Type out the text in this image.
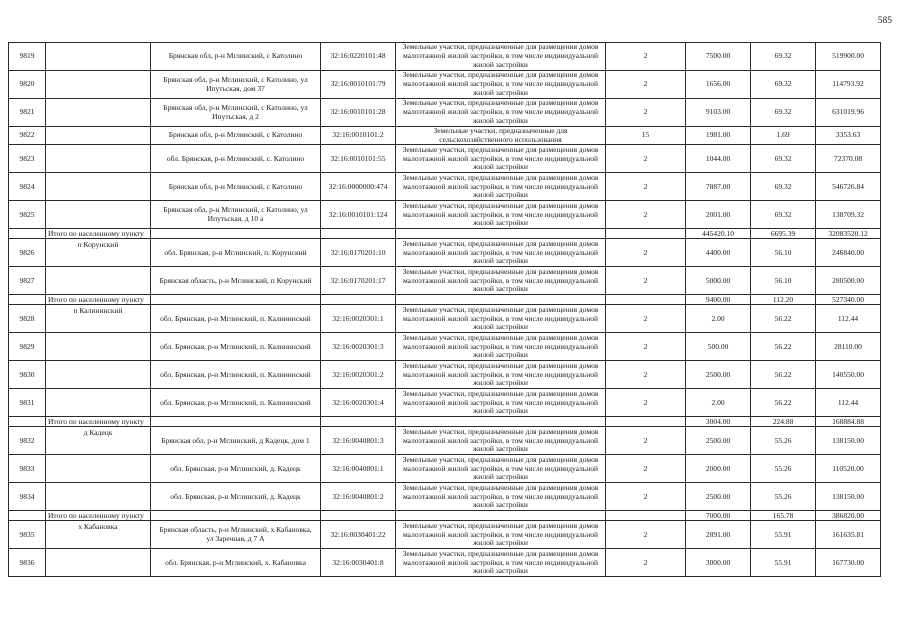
585
9819		Брянская обл, р-н Мглинский, с Католино	32:16:0220101:48	Земельные участки, предназначенные для размещения домов
малоэтажной жилой застройки, в том числе индивидуальной
жилой застройки	2	7500.00	69.32	519900.00
9820		Брянская обл, р-н Мглинский, с Католино, ул
Ипутьская, дом 37	32:16:0010101:79	Земельные участки, предназначенные для размещения домов
малоэтажной жилой застройки, в том числе индивидуальной
жилой застройки	2	1656.00	69.32	114793.92
9821		Брянская обл, р-н Мглинский, с Католино, ул
Ипутьская, д 2	32:16:0010101:28	Земельные участки, предназначенные для размещения домов
малоэтажной жилой застройки, в том числе индивидуальной
жилой застройки	2	9103.00	69.32	631019.96
9822		Брянская обл, р-н Мглинский, с Католино	32:16:0010101:2	Земельные участки, предназначенные для
сельскохозяйственного использования	15	1981.00	1.69	3353.63
9823		обл. Брянская, р-н Мглинский, с. Католино	32:16:0010101:55	Земельные участки, предназначенные для размещения домов
малоэтажной жилой застройки, в том числе индивидуальной
жилой застройки	2	1044.00	69.32	72370.08
9824		Брянская обл, р-н Мглинский, с Католино	32:16:0000000:474	Земельные участки, предназначенные для размещения домов
малоэтажной жилой застройки, в том числе индивидуальной
жилой застройки	2	7887.00	69.32	546726.84
9825		Брянская обл, р-н Мглинский, с Католино, ул
Ипутьская, д 10 а	32:16:0010101:124	Земельные участки, предназначенные для размещения домов
малоэтажной жилой застройки, в том числе индивидуальной
жилой застройки	2	2001.00	69.32	138709.32
	Итого по населенному пункту					445420.10	6695.39	32083520.12
9826	п Корунский	обл. Брянская, р-н Мглинский, п. Корунский	32:16:0170201:10	Земельные участки, предназначенные для размещения домов
малоэтажной жилой застройки, в том числе индивидуальной
жилой застройки	2	4400.00	56.10	246840.00
9827		Брянская область, р-н Мглинский, п Корунский	32:16:0170201:17	Земельные участки, предназначенные для размещения домов
малоэтажной жилой застройки, в том числе индивидуальной
жилой застройки	2	5000.00	56.10	280500.00
	Итого по населенному пункту					9400.00	112.20	527340.00
9828	п Калининский	обл. Брянская, р-н Мглинский, п. Калининский	32:16:0020301:1	Земельные участки, предназначенные для размещения домов
малоэтажной жилой застройки, в том числе индивидуальной
жилой застройки	2	2.00	56.22	112.44
9829		обл. Брянская, р-н Мглинский, п. Калининский	32:16:0020301:3	Земельные участки, предназначенные для размещения домов
малоэтажной жилой застройки, в том числе индивидуальной
жилой застройки	2	500.00	56.22	28110.00
9830		обл. Брянская, р-н Мглинский, п. Калининский	32:16:0020301:2	Земельные участки, предназначенные для размещения домов
малоэтажной жилой застройки, в том числе индивидуальной
жилой застройки	2	2500.00	56.22	140550.00
9831		обл. Брянская, р-н Мглинский, п. Калининский	32:16:0020301:4	Земельные участки, предназначенные для размещения домов
малоэтажной жилой застройки, в том числе индивидуальной
жилой застройки	2	2.00	56.22	112.44
	Итого по населенному пункту					3004.00	224.88	168884.88
9832	д Кадецк	Брянская обл, р-н Мглинский, д Кадецк, дом 1	32:16:0040801:3	Земельные участки, предназначенные для размещения домов
малоэтажной жилой застройки, в том числе индивидуальной
жилой застройки	2	2500.00	55.26	138150.00
9833		обл. Брянская, р-н Мглинский, д. Кадецк	32:16:0040801:1	Земельные участки, предназначенные для размещения домов
малоэтажной жилой застройки, в том числе индивидуальной
жилой застройки	2	2000.00	55.26	110520.00
9834		обл. Брянская, р-н Мглинский, д. Кадецк	32:16:0040801:2	Земельные участки, предназначенные для размещения домов
малоэтажной жилой застройки, в том числе индивидуальной
жилой застройки	2	2500.00	55.26	138150.00
	Итого по населенному пункту					7000.00	165.78	386820.00
9835	х Кабановка	Брянская область, р-н Мглинский, х Кабановка,
ул Заречная, д 7 А	32:16:0030401:22	Земельные участки, предназначенные для размещения домов
малоэтажной жилой застройки, в том числе индивидуальной
жилой застройки	2	2891.00	55.91	161635.81
9836		обл. Брянская, р-н Мглинский, х. Кабановка	32:16:0030401:8	Земельные участки, предназначенные для размещения домов
малоэтажной жилой застройки, в том числе индивидуальной
жилой застройки	2	3000.00	55.91	167730.00
